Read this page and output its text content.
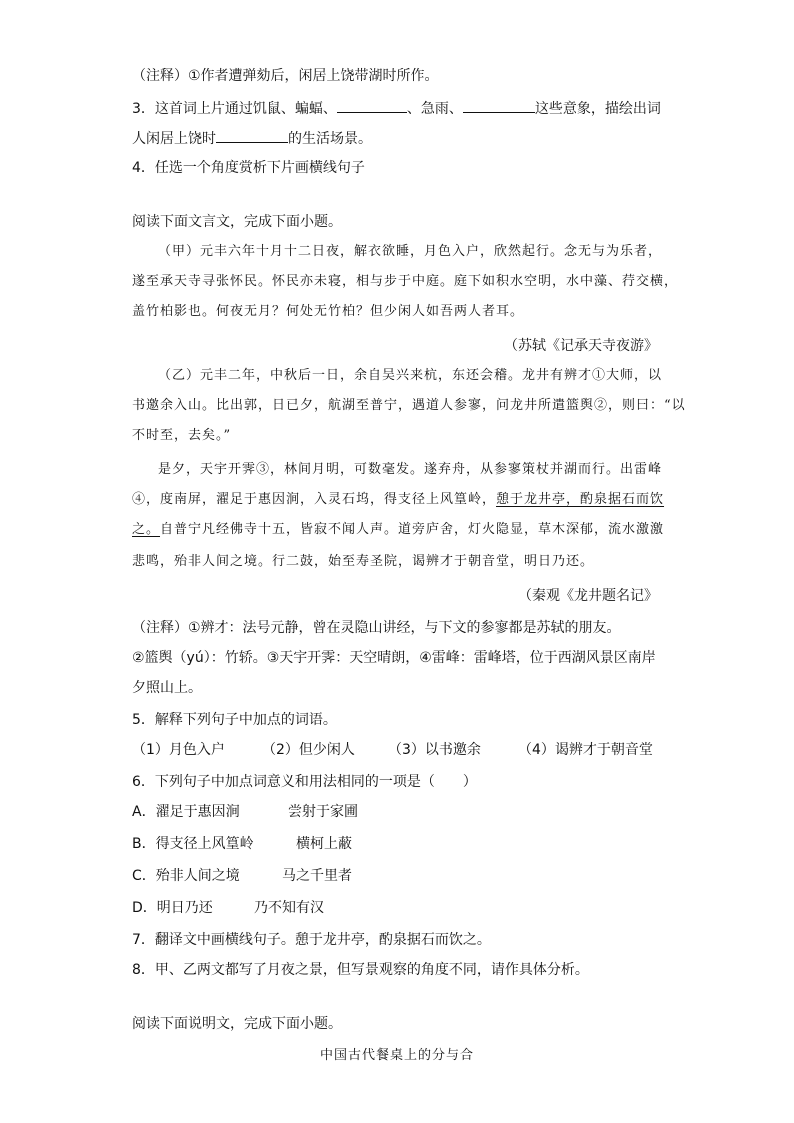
（注释）①作者遭弹劾后，闲居上饶带湖时所作。
3．这首词上片通过饥鼠、蝙蝠、	、急雨、	这些意象，描绘出词
人闲居上饶时	的生活场景。
4．任选一个角度赏析下片画横线句子
阅读下面文言文，完成下面小题。
（甲）元丰六年十月十二日夜，解衣欲睡，月色入户，欣然起行。念无与为乐者，
遂至承天寺寻张怀民。怀民亦未寝，相与步于中庭。庭下如积水空明，水中藻、荇交横，
盖竹柏影也。何夜无月？何处无竹柏？但少闲人如吾两人者耳。
（苏轼《记承天寺夜游》
（乙）元丰二年，中秋后一日，余自吴兴来杭，东还会稽。龙井有辨才①大师，以
书邀余入山。比出郭，日已夕，航湖至普宁，遇道人参寥，问龙井所遣篮舆②，则曰：“以
不时至，去矣。”
是夕，天宇开霁③，林间月明，可数毫发。遂弃舟，从参寥策杖并湖而行。出雷峰
④，度南屏，濯足于惠因涧，入灵石坞，得支径上风篁岭，憩于龙井亭，酌泉据石而饮
之。自普宁凡经佛寺十五，皆寂不闻人声。道旁庐舍，灯火隐显，草木深郁，流水激激
悲鸣，殆非人间之境。行二鼓，始至寿圣院，谒辨才于朝音堂，明日乃还。
（秦观《龙井题名记》
（注释）①辨才：法号元静，曾在灵隐山讲经，与下文的参寥都是苏轼的朋友。
②篮舆（yú）：竹轿。③天宇开霁：天空晴朗，④雷峰：雷峰塔，位于西湖风景区南岸
夕照山上。
5．解释下列句子中加点的词语。
（1）月色入户	（2）但少闲人 （3）以书邀余	（4）谒辨才于朝音堂
6．下列句子中加点词意义和用法相同的一项是（　　）
A．濯足于惠因涧	尝射于家圃
B．得支径上风篁岭	横柯上蔽
C．殆非人间之境	马之千里者
D．明日乃还	乃不知有汉
7．翻译文中画横线句子。憩于龙井亭，酌泉据石而饮之。
8．甲、乙两文都写了月夜之景，但写景观察的角度不同，请作具体分析。
阅读下面说明文，完成下面小题。
中国古代餐桌上的分与合
